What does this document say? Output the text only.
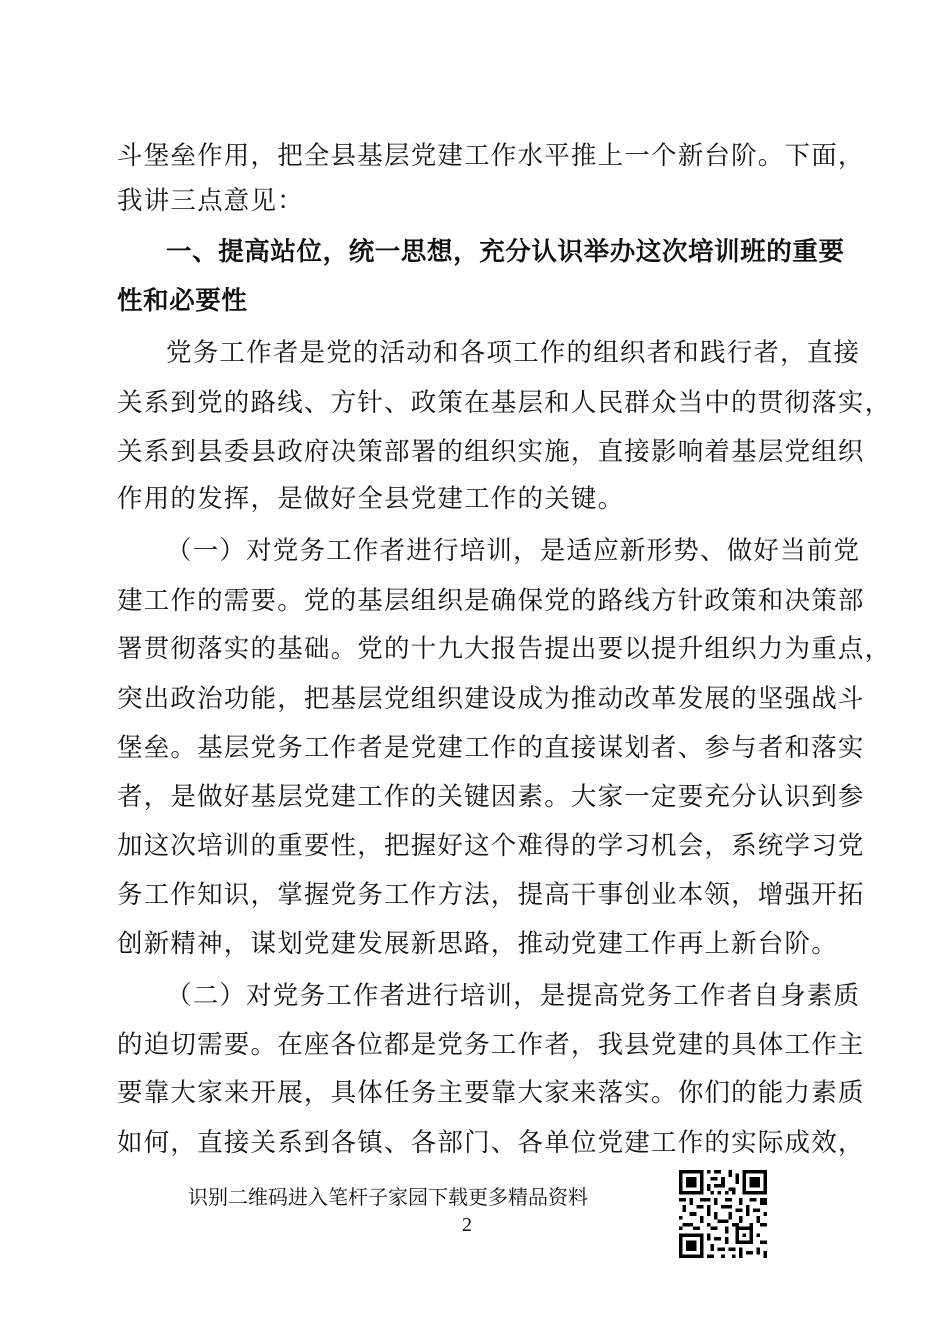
斗堡垒作用，把全县基层党建工作水平推上一个新台阶。下面，
我讲三点意见：
一、提高站位，统一思想，充分认识举办这次培训班的重要
性和必要性
党务工作者是党的活动和各项工作的组织者和践行者，直接
关系到党的路线、方针、政策在基层和人民群众当中的贯彻落实，
关系到县委县政府决策部署的组织实施，直接影响着基层党组织
作用的发挥，是做好全县党建工作的关键。
（一）对党务工作者进行培训，是适应新形势、做好当前党
建工作的需要。党的基层组织是确保党的路线方针政策和决策部
署贯彻落实的基础。党的十九大报告提出要以提升组织力为重点，
突出政治功能，把基层党组织建设成为推动改革发展的坚强战斗
堡垒。基层党务工作者是党建工作的直接谋划者、参与者和落实
者，是做好基层党建工作的关键因素。大家一定要充分认识到参
加这次培训的重要性，把握好这个难得的学习机会，系统学习党
务工作知识，掌握党务工作方法，提高干事创业本领，增强开拓
创新精神，谋划党建发展新思路，推动党建工作再上新台阶。
（二）对党务工作者进行培训，是提高党务工作者自身素质
的迫切需要。在座各位都是党务工作者，我县党建的具体工作主
要靠大家来开展，具体任务主要靠大家来落实。你们的能力素质
如何，直接关系到各镇、各部门、各单位党建工作的实际成效，
识别二维码进入笔杆子家园下载更多精品资料
2
